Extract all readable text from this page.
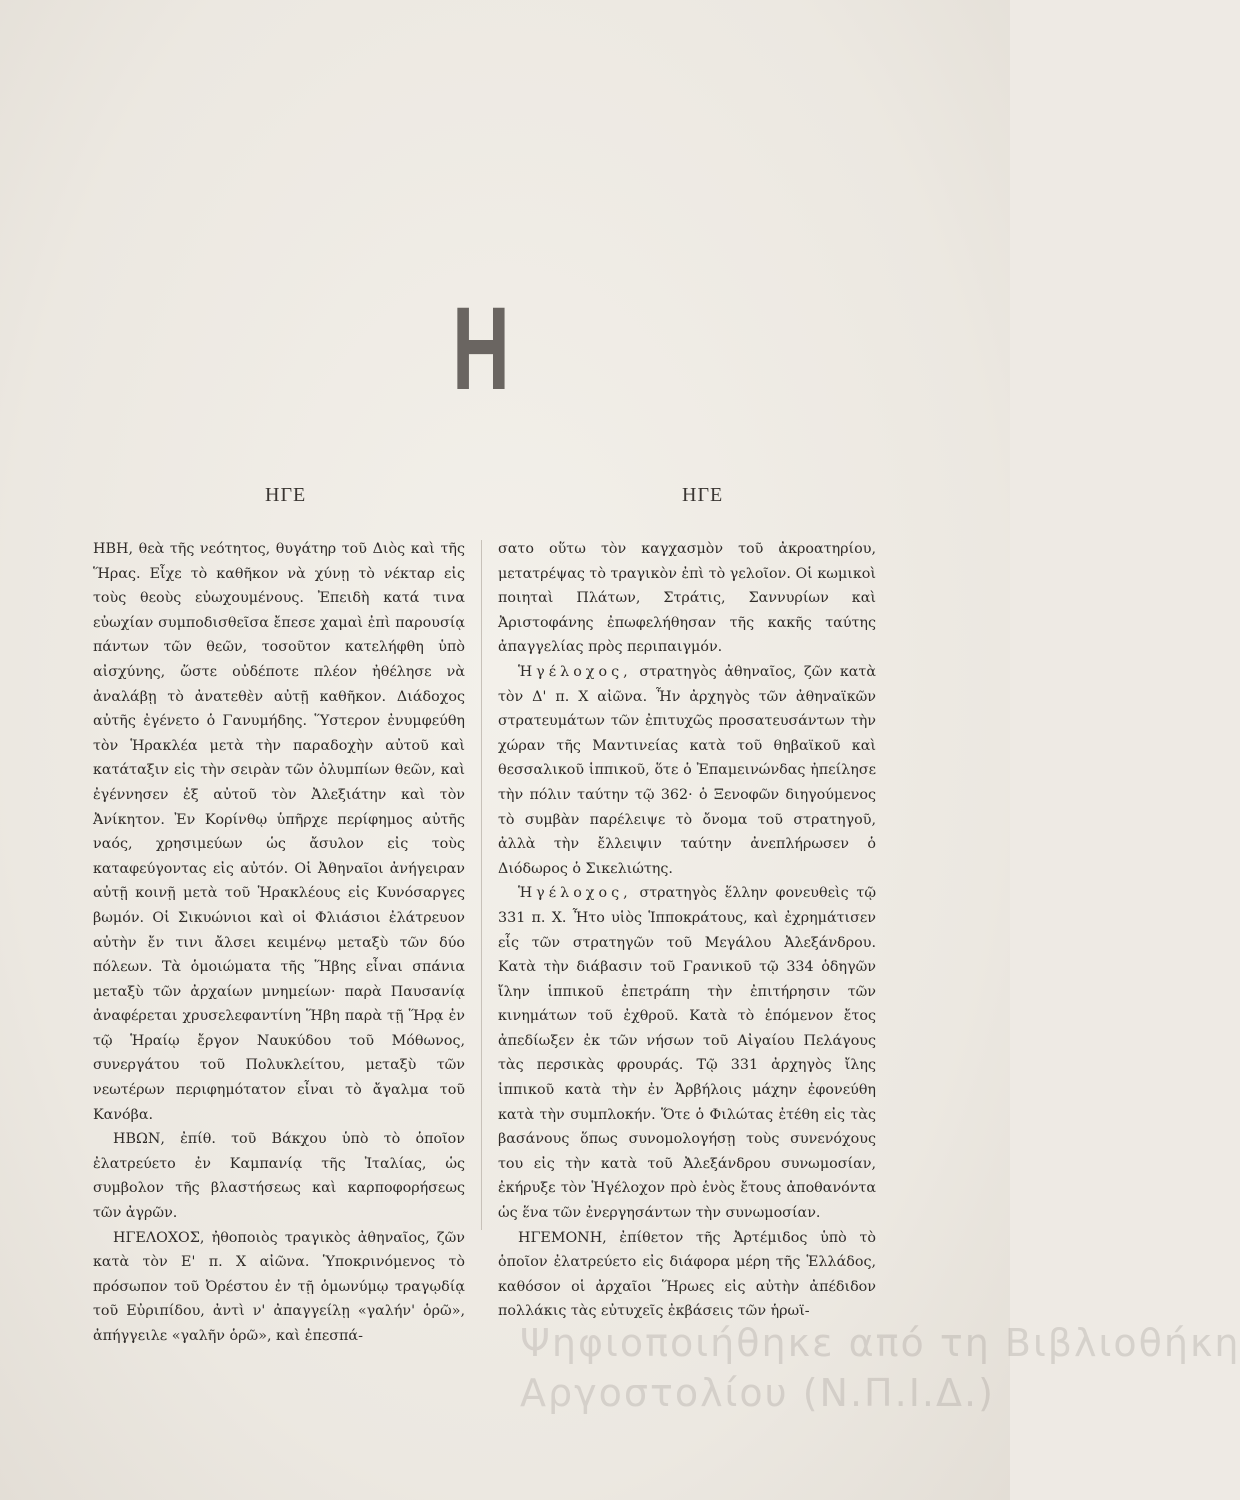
Η
ΗΓΕ	ΗΓΕ

ΗΒΗ, θεὰ τῆς νεότητος, θυγάτηρ τοῦ Διὸς καὶ τῆς Ἥρας. Εἶχε τὸ καθῆκον νὰ χύνῃ τὸ νέκταρ εἰς τοὺς θεοὺς εὐωχουμένους. Ἐπειδὴ κατά τινα εὐωχίαν συμποδισθεῖσα ἔπεσε χαμαὶ ἐπὶ παρουσίᾳ πάντων τῶν θεῶν, τοσοῦτον κατελήφθη ὑπὸ αἰσχύνης, ὥστε οὐδέποτε πλέον ἠθέλησε νὰ ἀναλάβῃ τὸ ἀνατεθὲν αὐτῇ καθῆκον. Διάδοχος αὐτῆς ἐγένετο ὁ Γανυμήδης. Ὕστερον ἐνυμφεύθη τὸν Ἡρακλέα μετὰ τὴν παραδοχὴν αὐτοῦ καὶ κατάταξιν εἰς τὴν σειρὰν τῶν ὀλυμπίων θεῶν, καὶ ἐγέννησεν ἐξ αὐτοῦ τὸν Ἀλεξιάτην καὶ τὸν Ἀνίκητον. Ἐν Κορίνθῳ ὑπῆρχε περίφημος αὐτῆς ναός, χρησιμεύων ὡς ἄσυλον εἰς τοὺς καταφεύγοντας εἰς αὐτόν. Οἱ Ἀθηναῖοι ἀνήγειραν αὐτῇ κοινῇ μετὰ τοῦ Ἡρακλέους εἰς Κυνόσαργες βωμόν. Οἱ Σικυώνιοι καὶ οἱ Φλιάσιοι ἐλάτρευον αὐτὴν ἔν τινι ἄλσει κειμένῳ μεταξὺ τῶν δύο πόλεων. Τὰ ὁμοιώματα τῆς Ἥβης εἶναι σπάνια μεταξὺ τῶν ἀρχαίων μνημείων· παρὰ Παυσανίᾳ ἀναφέρεται χρυσελεφαντίνη Ἥβη παρὰ τῇ Ἥρᾳ ἐν τῷ Ἡραίῳ ἔργον Ναυκύδου τοῦ Μόθωνος, συνεργάτου τοῦ Πολυκλείτου, μεταξὺ τῶν νεωτέρων περιφημότατον εἶναι τὸ ἄγαλμα τοῦ Κανόβα.

ΗΒΩΝ, ἐπίθ. τοῦ Βάκχου ὑπὸ τὸ ὁποῖον ἐλατρεύετο ἐν Καμπανίᾳ τῆς Ἰταλίας, ὡς συμβολον τῆς βλαστήσεως καὶ καρποφορήσεως τῶν ἀγρῶν.

ΗΓΕΛΟΧΟΣ, ἠθοποιὸς τραγικὸς ἀθηναῖος, ζῶν κατὰ τὸν Ε' π. Χ αἰῶνα. Ὑποκρινόμενος τὸ πρόσωπον τοῦ Ὀρέστου ἐν τῇ ὁμωνύμῳ τραγῳδίᾳ τοῦ Εὐριπίδου, ἀντὶ ν' ἀπαγγείλῃ «γαλήν' ὁρῶ», ἀπήγγειλε «γαλῆν ὁρῶ», καὶ ἐπεσπά-

σατο οὕτω τὸν καγχασμὸν τοῦ ἀκροατηρίου, μετατρέψας τὸ τραγικὸν ἐπὶ τὸ γελοῖον. Οἱ κωμικοὶ ποιηταὶ Πλάτων, Στράτις, Σαννυρίων καὶ Ἀριστοφάνης ἐπωφελήθησαν τῆς κακῆς ταύτης ἀπαγγελίας πρὸς περιπαιγμόν.

Ἡγέλοχος, στρατηγὸς ἀθηναῖος, ζῶν κατὰ τὸν Δ' π. Χ αἰῶνα. Ἦν ἀρχηγὸς τῶν ἀθηναϊκῶν στρατευμάτων τῶν ἐπιτυχῶς προσατευσάντων τὴν χώραν τῆς Μαντινείας κατὰ τοῦ θηβαϊκοῦ καὶ θεσσαλικοῦ ἱππικοῦ, ὅτε ὁ Ἐπαμεινώνδας ἠπείλησε τὴν πόλιν ταύτην τῷ 362· ὁ Ξενοφῶν διηγούμενος τὸ συμβὰν παρέλειψε τὸ ὄνομα τοῦ στρατηγοῦ, ἀλλὰ τὴν ἔλλειψιν ταύτην ἀνεπλήρωσεν ὁ Διόδωρος ὁ Σικελιώτης.

Ἡγέλοχος, στρατηγὸς ἕλλην φονευθεὶς τῷ 331 π. Χ. Ἦτο υἱὸς Ἱπποκράτους, καὶ ἐχρημάτισεν εἷς τῶν στρατηγῶν τοῦ Μεγάλου Ἀλεξάνδρου. Κατὰ τὴν διάβασιν τοῦ Γρανικοῦ τῷ 334 ὁδηγῶν ἴλην ἱππικοῦ ἐπετράπη τὴν ἐπιτήρησιν τῶν κινημάτων τοῦ ἐχθροῦ. Κατὰ τὸ ἑπόμενον ἔτος ἀπεδίωξεν ἐκ τῶν νήσων τοῦ Αἰγαίου Πελάγους τὰς περσικὰς φρουράς. Τῷ 331 ἀρχηγὸς ἴλης ἱππικοῦ κατὰ τὴν ἐν Ἀρβήλοις μάχην ἐφονεύθη κατὰ τὴν συμπλοκήν. Ὅτε ὁ Φιλώτας ἐτέθη εἰς τὰς βασάνους ὅπως συνομολογήσῃ τοὺς συνενόχους του εἰς τὴν κατὰ τοῦ Ἀλεξάνδρου συνωμοσίαν, ἐκήρυξε τὸν Ἡγέλοχον πρὸ ἑνὸς ἔτους ἀποθανόντα ὡς ἕνα τῶν ἐνεργησάντων τὴν συνωμοσίαν.

ΗΓΕΜΟΝΗ, ἐπίθετον τῆς Ἀρτέμιδος ὑπὸ τὸ ὁποῖον ἐλατρεύετο εἰς διάφορα μέρη τῆς Ἑλλάδος, καθόσον οἱ ἀρχαῖοι Ἥρωες εἰς αὐτὴν ἀπέδιδον πολλάκις τὰς εὐτυχεῖς ἐκβάσεις τῶν ἡρωϊ-

Ψηφιοποιήθηκε από τη Βιβλιοθήκη
Αργοστολίου (Ν.Π.Ι.Δ.)
